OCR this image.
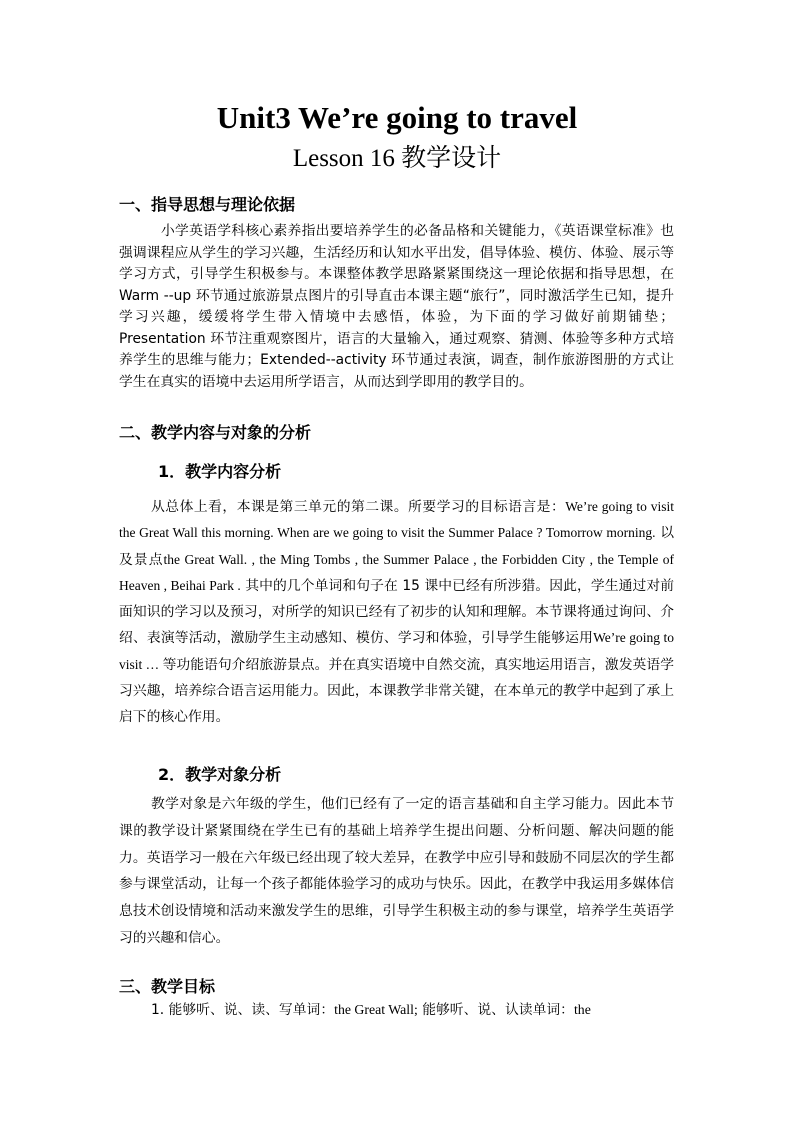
Unit3 We’re going to travel
Lesson 16 教学设计
一、指导思想与理论依据

小学英语学科核心素养指出要培养学生的必备品格和关键能力，《英语课堂标准》也强调课程应从学生的学习兴趣，生活经历和认知水平出发，倡导体验、模仿、体验、展示等学习方式，引导学生积极参与。本课整体教学思路紧紧围绕这一理论依据和指导思想，在 Warm --up 环节通过旅游景点图片的引导直击本课主题“旅行”，同时激活学生已知，提升学习兴趣，缓缓将学生带入情境中去感悟，体验，为下面的学习做好前期铺垫；Presentation 环节注重观察图片，语言的大量输入，通过观察、猜测、体验等多种方式培养学生的思维与能力；Extended--activity 环节通过表演，调查，制作旅游图册的方式让学生在真实的语境中去运用所学语言，从而达到学即用的教学目的。

二、教学内容与对象的分析
1．教学内容分析

从总体上看，本课是第三单元的第二课。所要学习的目标语言是：We’re going to visit the Great Wall this morning. When are we going to visit the Summer Palace ? Tomorrow morning. 以及景点the Great Wall. , the Ming Tombs , the Summer Palace , the Forbidden City , the Temple of Heaven , Beihai Park . 其中的几个单词和句子在 15 课中已经有所涉猎。因此，学生通过对前面知识的学习以及预习，对所学的知识已经有了初步的认知和理解。本节课将通过询问、介绍、表演等活动，激励学生主动感知、模仿、学习和体验，引导学生能够运用We’re going to visit … 等功能语句介绍旅游景点。并在真实语境中自然交流，真实地运用语言，激发英语学习兴趣，培养综合语言运用能力。因此，本课教学非常关键，在本单元的教学中起到了承上启下的核心作用。

2．教学对象分析

教学对象是六年级的学生，他们已经有了一定的语言基础和自主学习能力。因此本节课的教学设计紧紧围绕在学生已有的基础上培养学生提出问题、分析问题、解决问题的能力。英语学习一般在六年级已经出现了较大差异，在教学中应引导和鼓励不同层次的学生都参与课堂活动，让每一个孩子都能体验学习的成功与快乐。因此，在教学中我运用多媒体信息技术创设情境和活动来激发学生的思维，引导学生积极主动的参与课堂，培养学生英语学习的兴趣和信心。

三、教学目标

1. 能够听、说、读、写单词：the Great Wall; 能够听、说、认读单词：the
